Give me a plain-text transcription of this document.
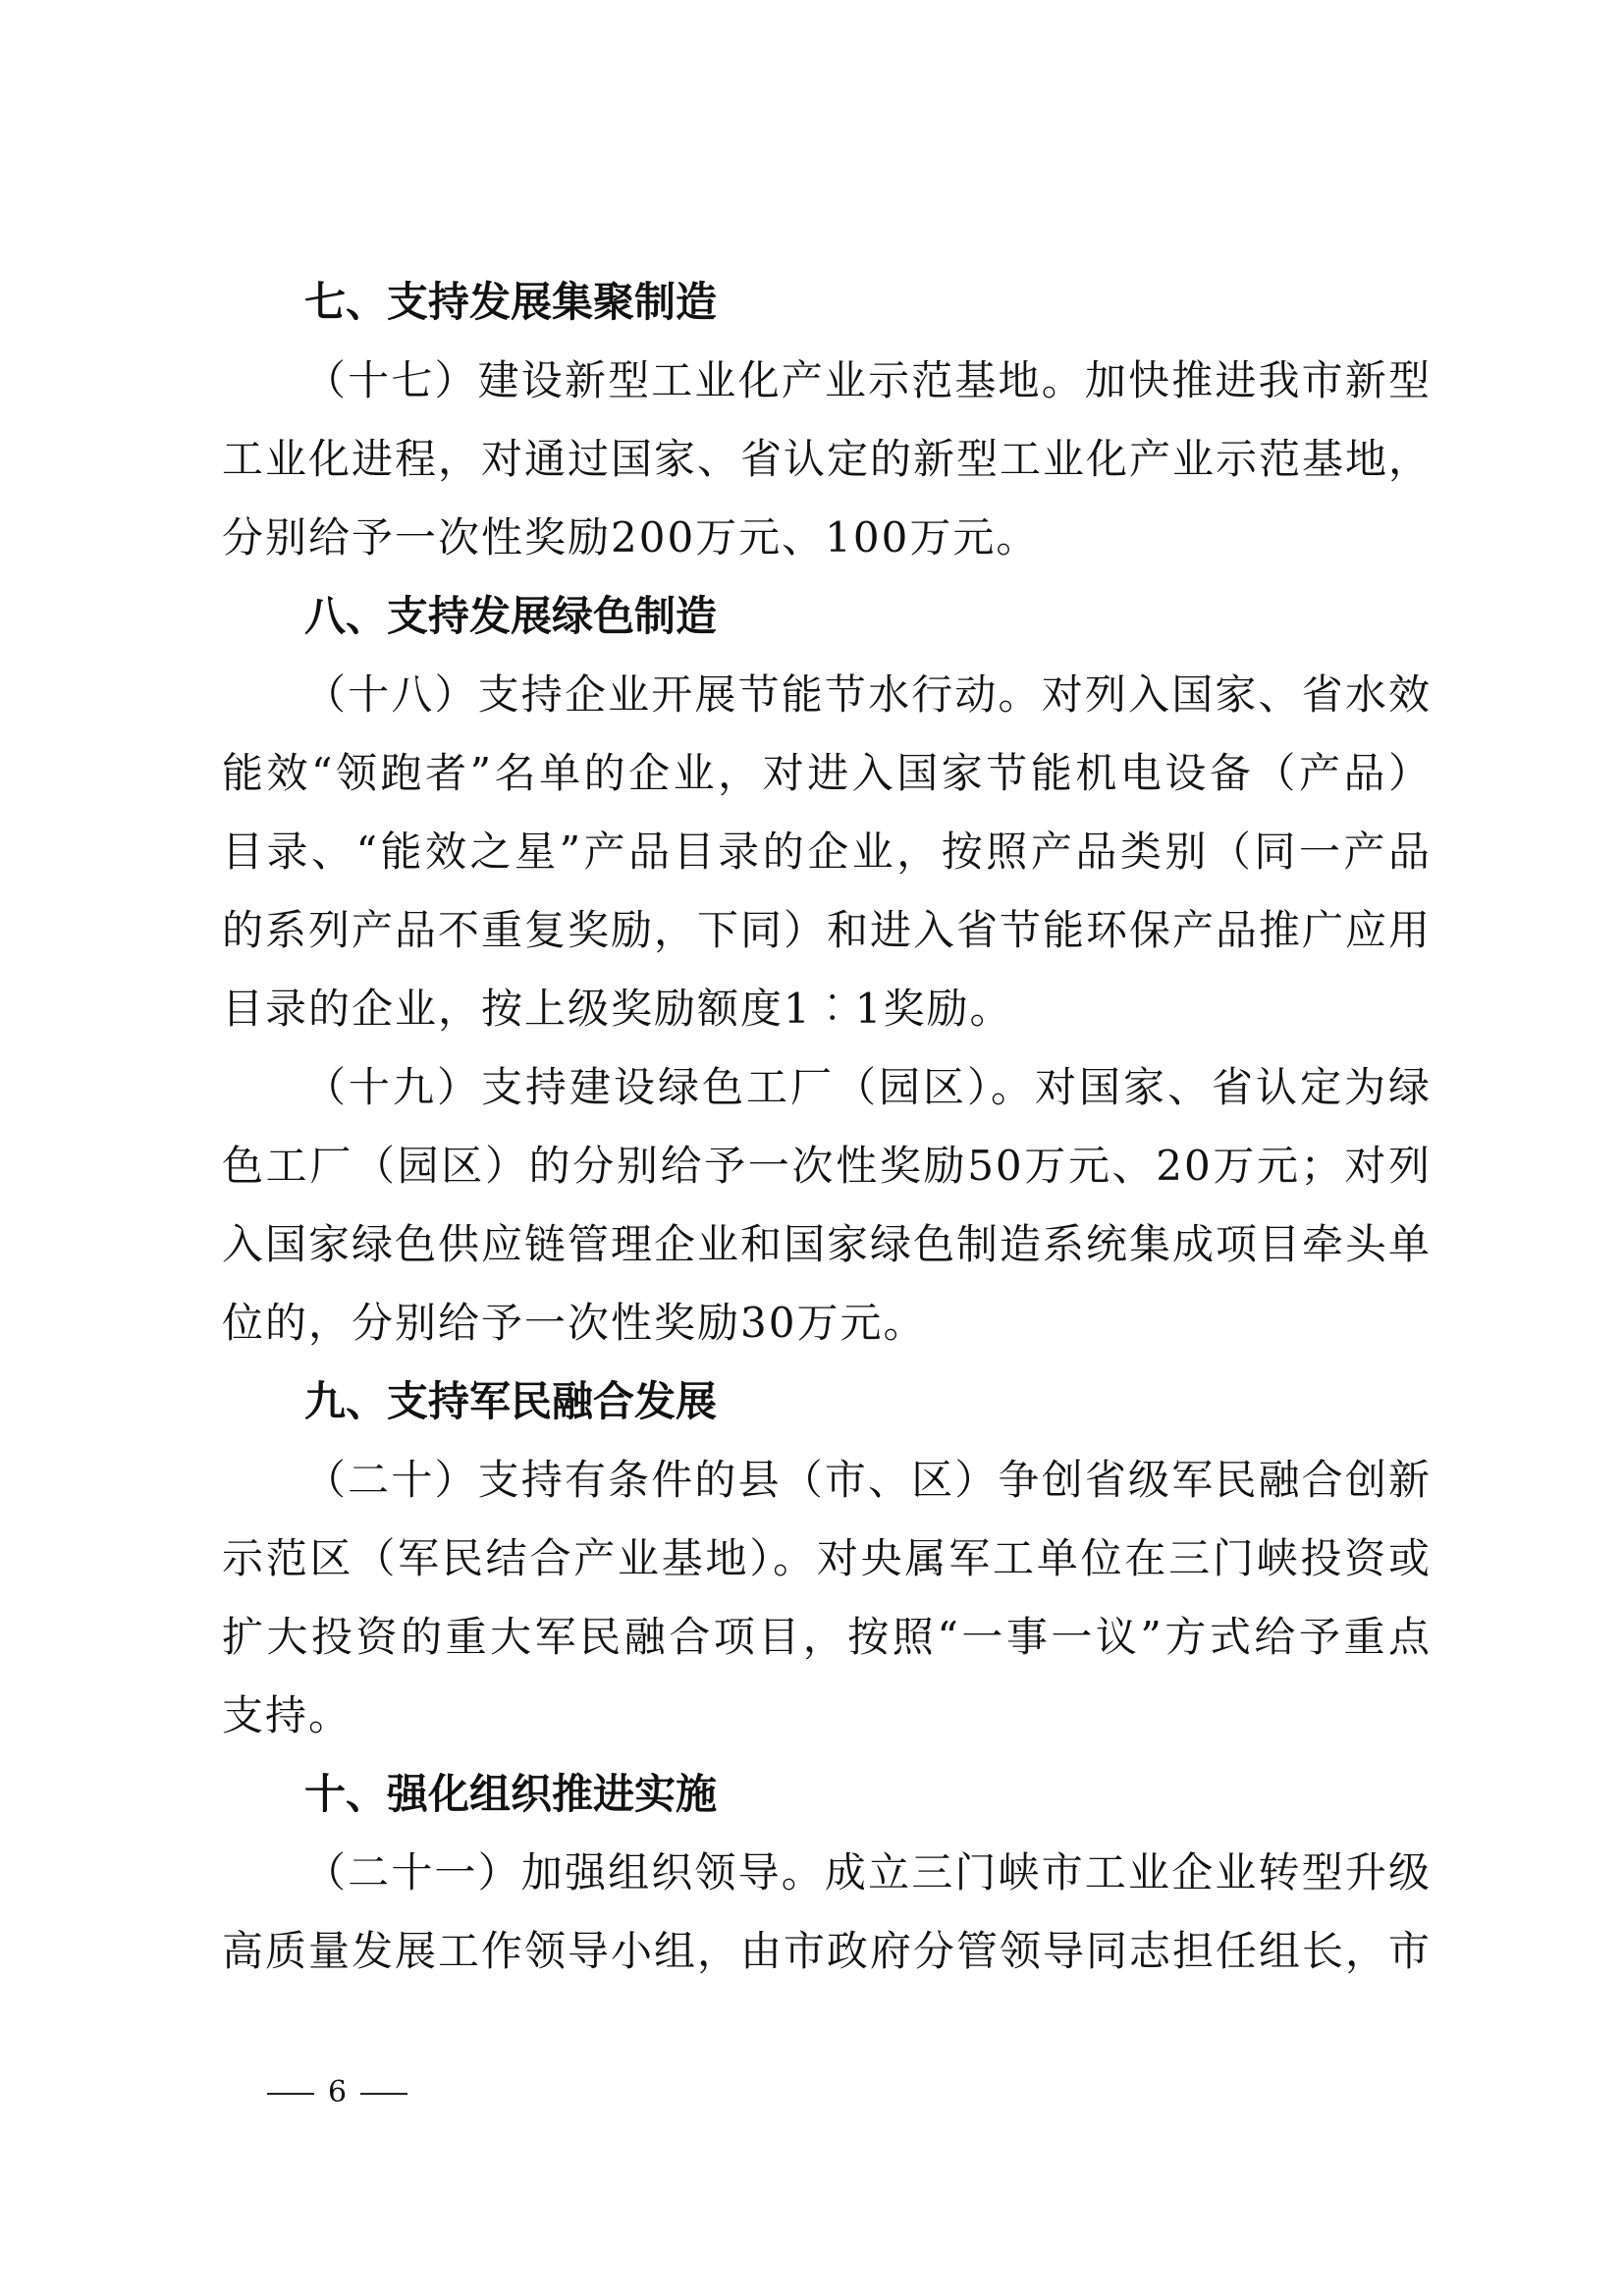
七、支持发展集聚制造

（十七）建设新型工业化产业示范基地。加快推进我市新型工业化进程，对通过国家、省认定的新型工业化产业示范基地，分别给予一次性奖励200万元、100万元。

八、支持发展绿色制造

（十八）支持企业开展节能节水行动。对列入国家、省水效能效“领跑者”名单的企业，对进入国家节能机电设备（产品）目录、“能效之星”产品目录的企业，按照产品类别（同一产品的系列产品不重复奖励，下同）和进入省节能环保产品推广应用目录的企业，按上级奖励额度1︰1奖励。

（十九）支持建设绿色工厂（园区）。对国家、省认定为绿色工厂（园区）的分别给予一次性奖励50万元、20万元；对列入国家绿色供应链管理企业和国家绿色制造系统集成项目牵头单位的，分别给予一次性奖励30万元。

九、支持军民融合发展

（二十）支持有条件的县（市、区）争创省级军民融合创新示范区（军民结合产业基地）。对央属军工单位在三门峡投资或扩大投资的重大军民融合项目，按照“一事一议”方式给予重点支持。

十、强化组织推进实施

（二十一）加强组织领导。成立三门峡市工业企业转型升级高质量发展工作领导小组，由市政府分管领导同志担任组长，市

6
